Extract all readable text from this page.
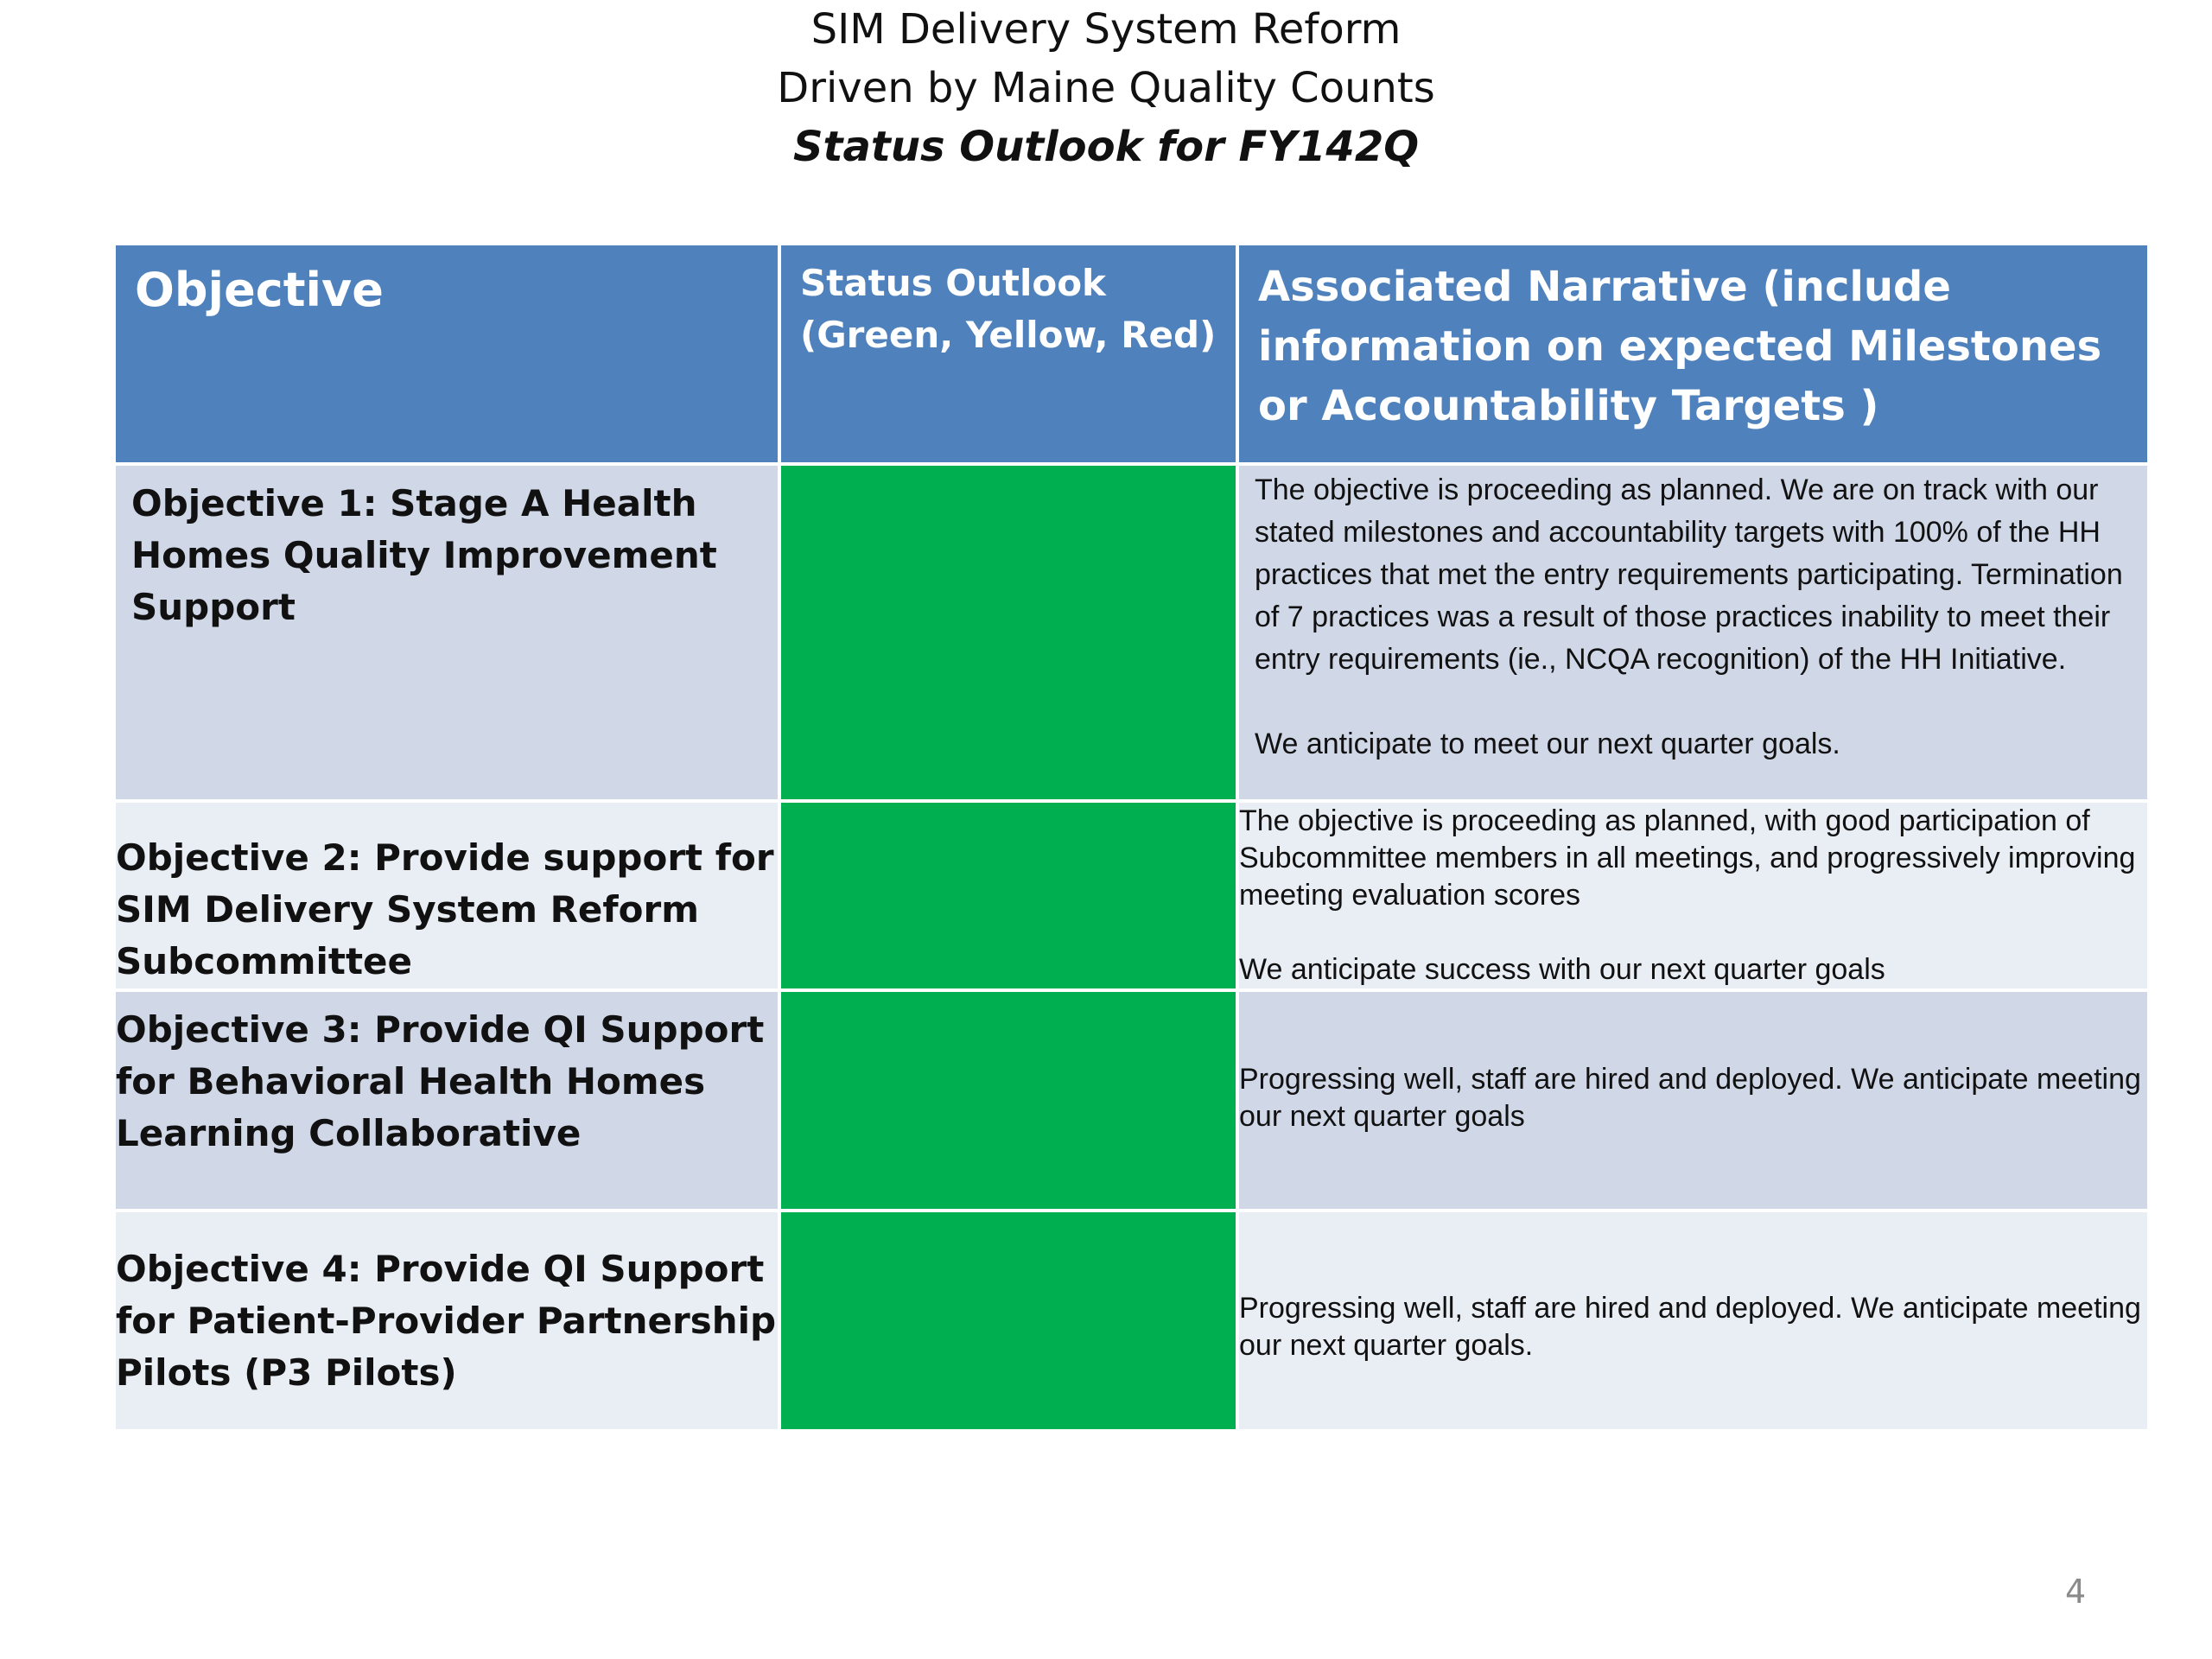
SIM Delivery System Reform
Driven by Maine Quality Counts
Status Outlook for FY142Q
Objective	Status Outlook (Green, Yellow, Red)	Associated Narrative (include information on expected Milestones or Accountability Targets )
Objective 1: Stage A Health Homes Quality Improvement Support		The objective is proceeding as planned. We are on track with our stated milestones and accountability targets with 100% of the HH practices that met the entry requirements participating. Termination of 7 practices was a result of those practices inability to meet their entry requirements (ie., NCQA recognition) of the HH Initiative.

We anticipate to meet our next quarter goals.

Objective 2: Provide support for SIM Delivery System Reform Subcommittee		The objective is proceeding as planned, with good participation of Subcommittee members in all meetings, and progressively improving meeting evaluation scores

We anticipate success with our next quarter goals

Objective 3: Provide QI Support for Behavioral Health Homes Learning Collaborative		Progressing well, staff are hired and deployed. We anticipate meeting our next quarter goals

Objective 4: Provide QI Support for Patient-Provider Partnership Pilots (P3 Pilots)		Progressing well, staff are hired and deployed. We anticipate meeting our next quarter goals.

4
